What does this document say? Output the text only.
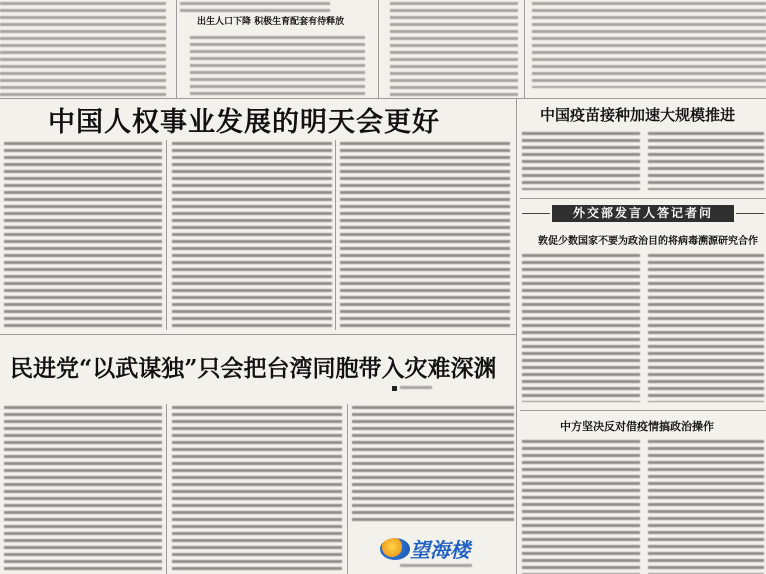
出生人口下降 积极生育配套有待释放
中国人权事业发展的明天会更好	中国疫苗接种加速大规模推进
外交部发言人答记者问
敦促少数国家不要为政治目的将病毒溯源研究合作
中方坚决反对借疫情搞政治操作
民进党“以武谋独”只会把台湾同胞带入灾难深渊
望海楼
